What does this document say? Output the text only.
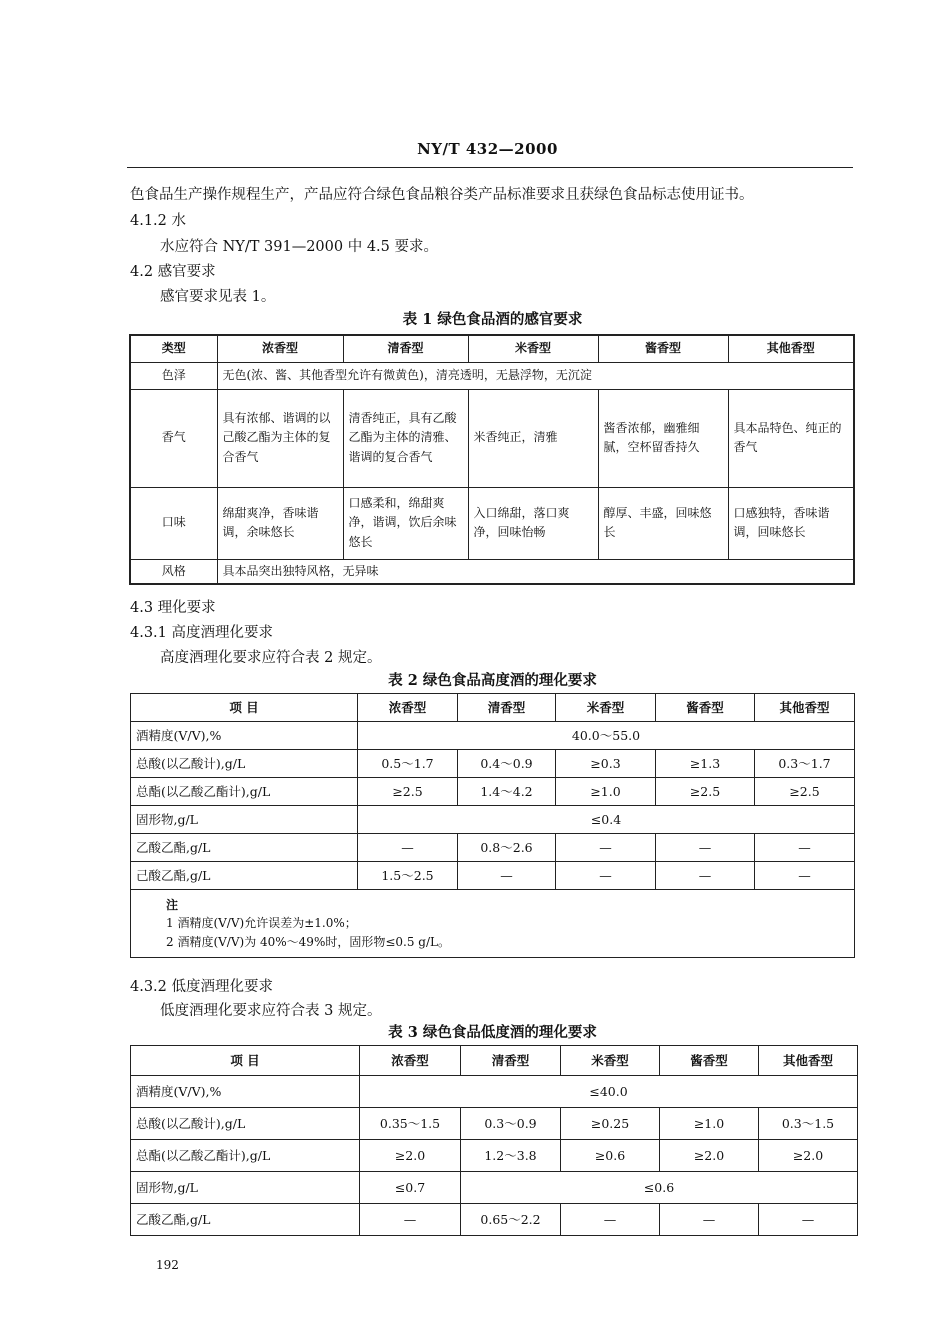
NY/T 432—2000
色食品生产操作规程生产，产品应符合绿色食品粮谷类产品标准要求且获绿色食品标志使用证书。
4.1.2 水
水应符合 NY/T 391—2000 中 4.5 要求。
4.2 感官要求
感官要求见表 1。
表 1 绿色食品酒的感官要求
类型	浓香型	清香型	米香型	酱香型	其他香型
色泽	无色(浓、酱、其他香型允许有微黄色)，清亮透明，无悬浮物，无沉淀				
香气	具有浓郁、谐调的以己酸乙酯为主体的复合香气	清香纯正，具有乙酸乙酯为主体的清雅、谐调的复合香气	米香纯正，清雅	酱香浓郁，幽雅细腻，空杯留香持久	具本品特色、纯正的香气
口味	绵甜爽净，香味谐调，余味悠长	口感柔和，绵甜爽净，谐调，饮后余味悠长	入口绵甜，落口爽净，回味怡畅	醇厚、丰盛，回味悠长	口感独特，香味谐调，回味悠长
风格	具本品突出独特风格，无异味				
4.3 理化要求
4.3.1 高度酒理化要求
高度酒理化要求应符合表 2 规定。
表 2 绿色食品高度酒的理化要求
项 目	浓香型	清香型	米香型	酱香型	其他香型
酒精度(V/V),%	40.0～55.0				
总酸(以乙酸计),g/L	0.5～1.7	0.4～0.9	≥0.3	≥1.3	0.3～1.7
总酯(以乙酸乙酯计),g/L	≥2.5	1.4～4.2	≥1.0	≥2.5	≥2.5
固形物,g/L	≤0.4				
乙酸乙酯,g/L	—	0.8～2.6	—	—	—
己酸乙酯,g/L	1.5～2.5	—	—	—	—

注
1 酒精度(V/V)允许误差为±1.0%；
2 酒精度(V/V)为 40%～49%时，固形物≤0.5 g/L。					
4.3.2 低度酒理化要求
低度酒理化要求应符合表 3 规定。
表 3 绿色食品低度酒的理化要求
项 目	浓香型	清香型	米香型	酱香型	其他香型
酒精度(V/V),%	≤40.0				
总酸(以乙酸计),g/L	0.35～1.5	0.3～0.9	≥0.25	≥1.0	0.3～1.5
总酯(以乙酸乙酯计),g/L	≥2.0	1.2～3.8	≥0.6	≥2.0	≥2.0
固形物,g/L	≤0.7	≤0.6			
乙酸乙酯,g/L	—	0.65～2.2	—	—	—
192
